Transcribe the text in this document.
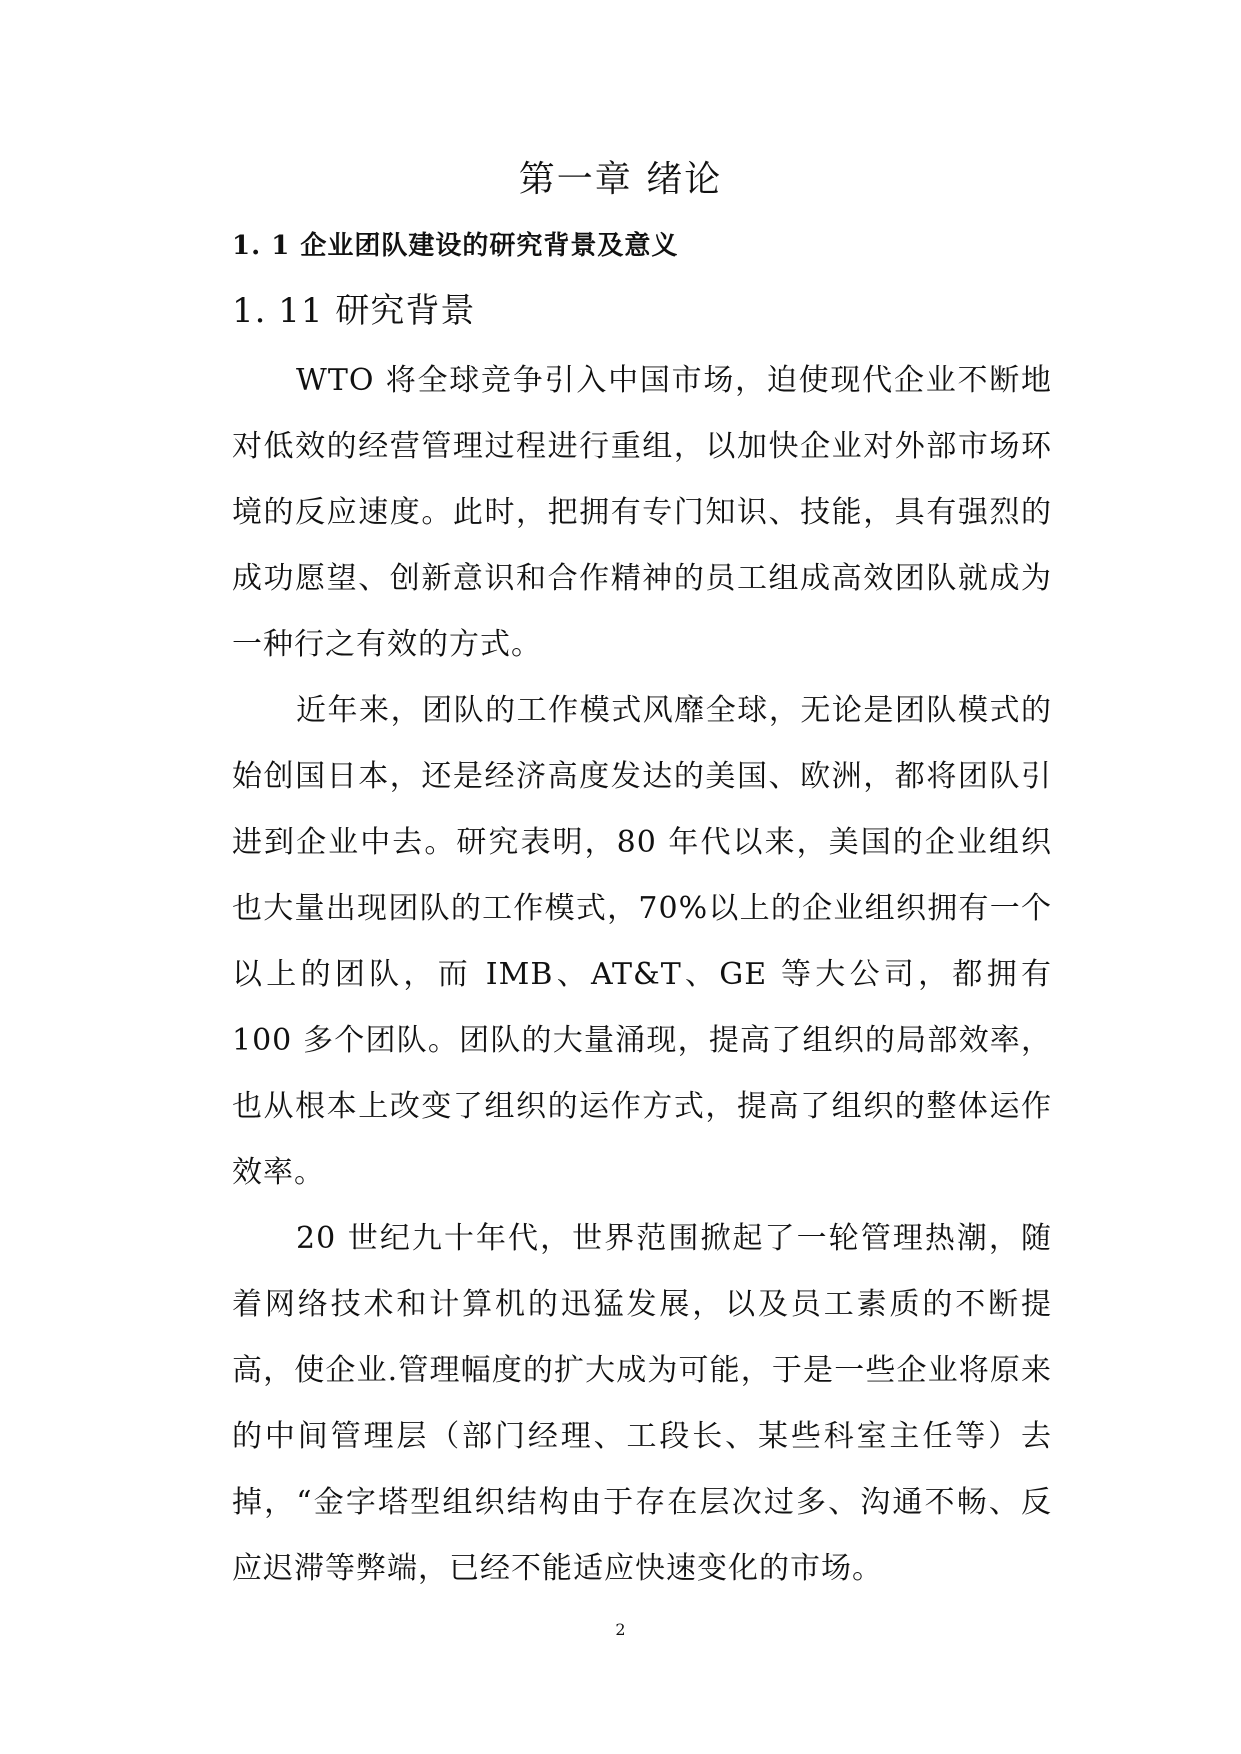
第一章 绪论
1. 1 企业团队建设的研究背景及意义
1. 11 研究背景

WTO 将全球竞争引入中国市场，迫使现代企业不断地对低效的经营管理过程进行重组，以加快企业对外部市场环境的反应速度。此时，把拥有专门知识、技能，具有强烈的成功愿望、创新意识和合作精神的员工组成高效团队就成为一种行之有效的方式。

近年来，团队的工作模式风靡全球，无论是团队模式的始创国日本，还是经济高度发达的美国、欧洲，都将团队引进到企业中去。研究表明，80 年代以来，美国的企业组织也大量出现团队的工作模式，70%以上的企业组织拥有一个以上的团队，而 IMB、AT&T、GE 等大公司，都拥有 100 多个团队。团队的大量涌现，提高了组织的局部效率，也从根本上改变了组织的运作方式，提高了组织的整体运作效率。

20 世纪九十年代，世界范围掀起了一轮管理热潮，随着网络技术和计算机的迅猛发展，以及员工素质的不断提高，使企业.管理幅度的扩大成为可能，于是一些企业将原来的中间管理层（部门经理、工段长、某些科室主任等）去掉，“金字塔型组织结构由于存在层次过多、沟通不畅、反应迟滞等弊端，已经不能适应快速变化的市场。

2
